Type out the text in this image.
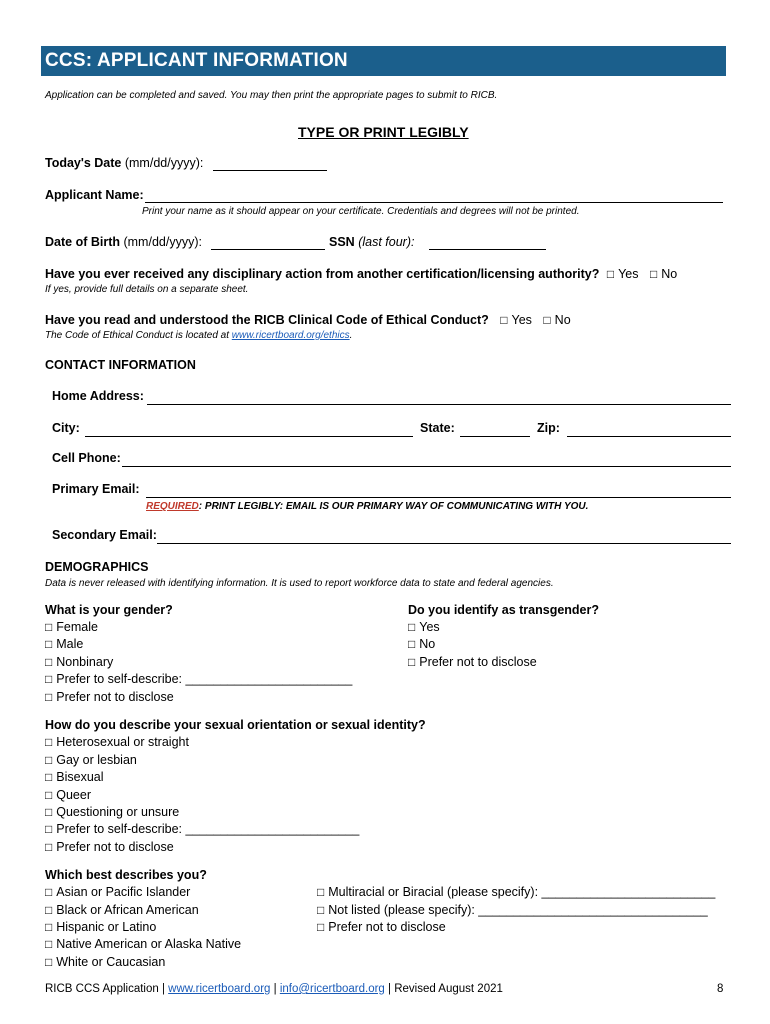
CCS: APPLICANT INFORMATION
Application can be completed and saved. You may then print the appropriate pages to submit to RICB.
TYPE OR PRINT LEGIBLY
Today's Date (mm/dd/yyyy):
Applicant Name:
Print your name as it should appear on your certificate. Credentials and degrees will not be printed.
Date of Birth (mm/dd/yyyy):	SSN (last four):
Have you ever received any disciplinary action from another certification/licensing authority? □ Yes □ No
If yes, provide full details on a separate sheet.
Have you read and understood the RICB Clinical Code of Ethical Conduct? □ Yes □ No
The Code of Ethical Conduct is located at www.ricertboard.org/ethics.
CONTACT INFORMATION
Home Address:
City:	State:	Zip:
Cell Phone:
Primary Email:
REQUIRED: PRINT LEGIBLY: EMAIL IS OUR PRIMARY WAY OF COMMUNICATING WITH YOU.
Secondary Email:
DEMOGRAPHICS
Data is never released with identifying information. It is used to report workforce data to state and federal agencies.
What is your gender?
□ Female
□ Male
□ Nonbinary
□ Prefer to self-describe: ________________________
□ Prefer not to disclose
Do you identify as transgender?
□ Yes
□ No
□ Prefer not to disclose
How do you describe your sexual orientation or sexual identity?
□ Heterosexual or straight
□ Gay or lesbian
□ Bisexual
□ Queer
□ Questioning or unsure
□ Prefer to self-describe: _________________________
□ Prefer not to disclose
Which best describes you?
□ Asian or Pacific Islander
□ Black or African American
□ Hispanic or Latino
□ Native American or Alaska Native
□ White or Caucasian
□ Multiracial or Biracial (please specify): _________________________
□ Not listed (please specify): _________________________________
□ Prefer not to disclose
RICB CCS Application | www.ricertboard.org | info@ricertboard.org | Revised August 2021	8
